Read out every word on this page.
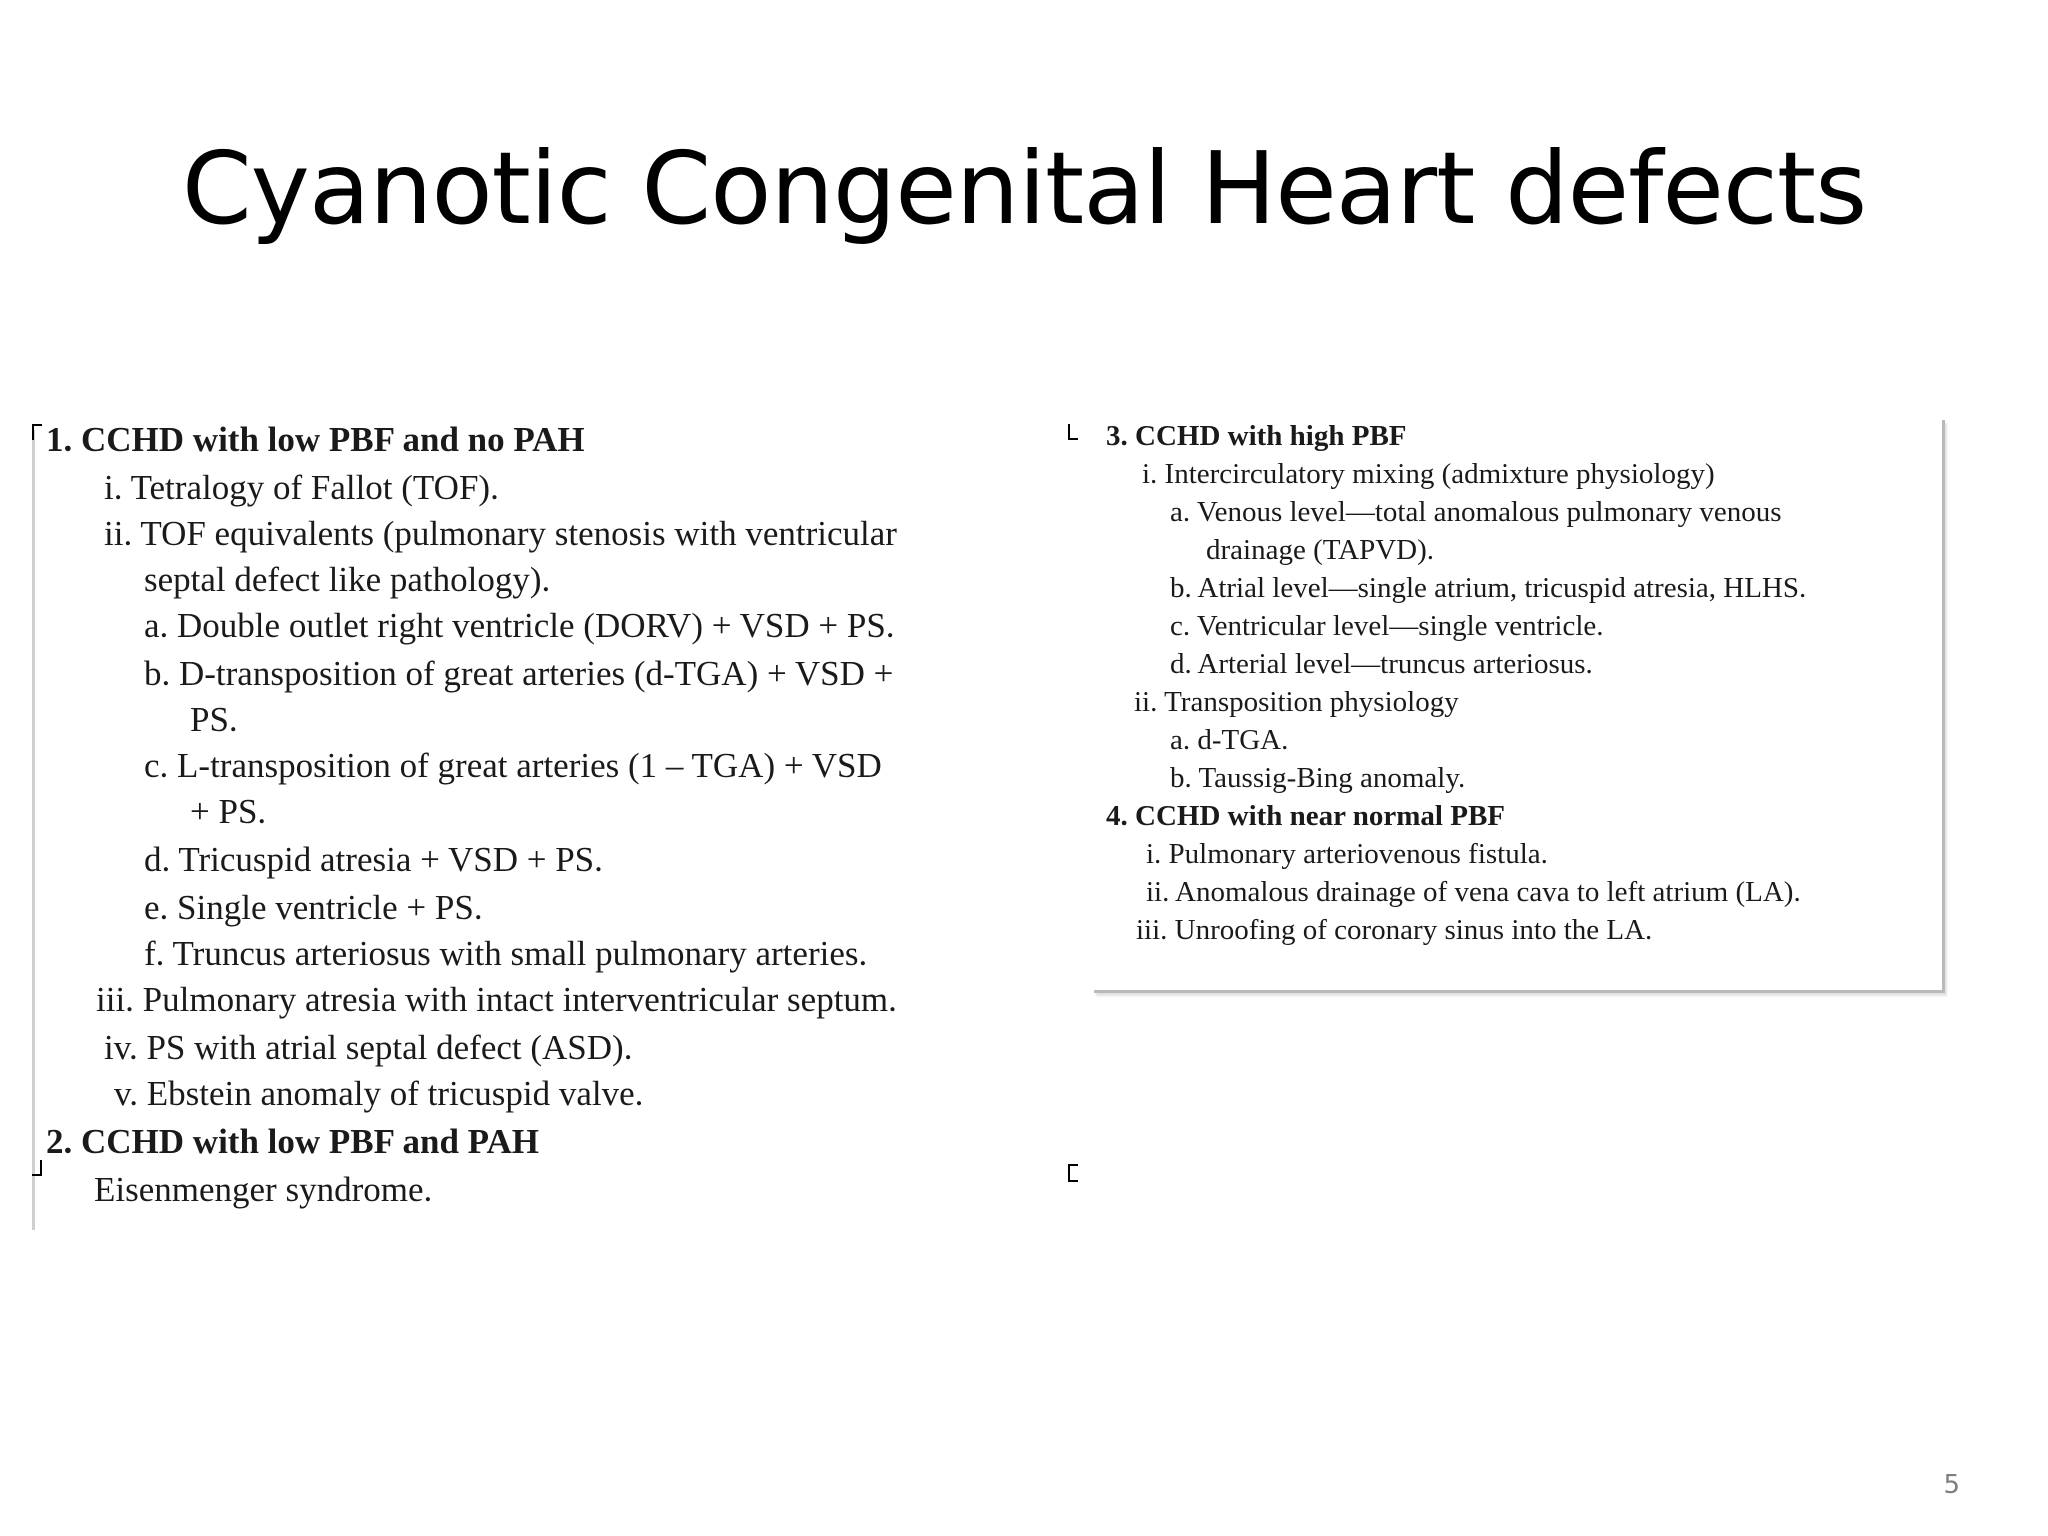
Cyanotic Congenital Heart defects
1. CCHD with low PBF and no PAH
i. Tetralogy of Fallot (TOF).
ii. TOF equivalents (pulmonary stenosis with ventricular
septal defect like pathology).
a. Double outlet right ventricle (DORV) + VSD + PS.
b. D-transposition of great arteries (d-TGA) + VSD +
PS.
c. L-transposition of great arteries (1 – TGA) + VSD
+ PS.
d. Tricuspid atresia + VSD + PS.
e. Single ventricle + PS.
f. Truncus arteriosus with small pulmonary arteries.
iii. Pulmonary atresia with intact interventricular septum.
iv. PS with atrial septal defect (ASD).
v. Ebstein anomaly of tricuspid valve.
2. CCHD with low PBF and PAH
Eisenmenger syndrome.
3. CCHD with high PBF
i. Intercirculatory mixing (admixture physiology)
a. Venous level—total anomalous pulmonary venous
drainage (TAPVD).
b. Atrial level—single atrium, tricuspid atresia, HLHS.
c. Ventricular level—single ventricle.
d. Arterial level—truncus arteriosus.
ii. Transposition physiology
a. d-TGA.
b. Taussig-Bing anomaly.
4. CCHD with near normal PBF
i. Pulmonary arteriovenous fistula.
ii. Anomalous drainage of vena cava to left atrium (LA).
iii. Unroofing of coronary sinus into the LA.
5
